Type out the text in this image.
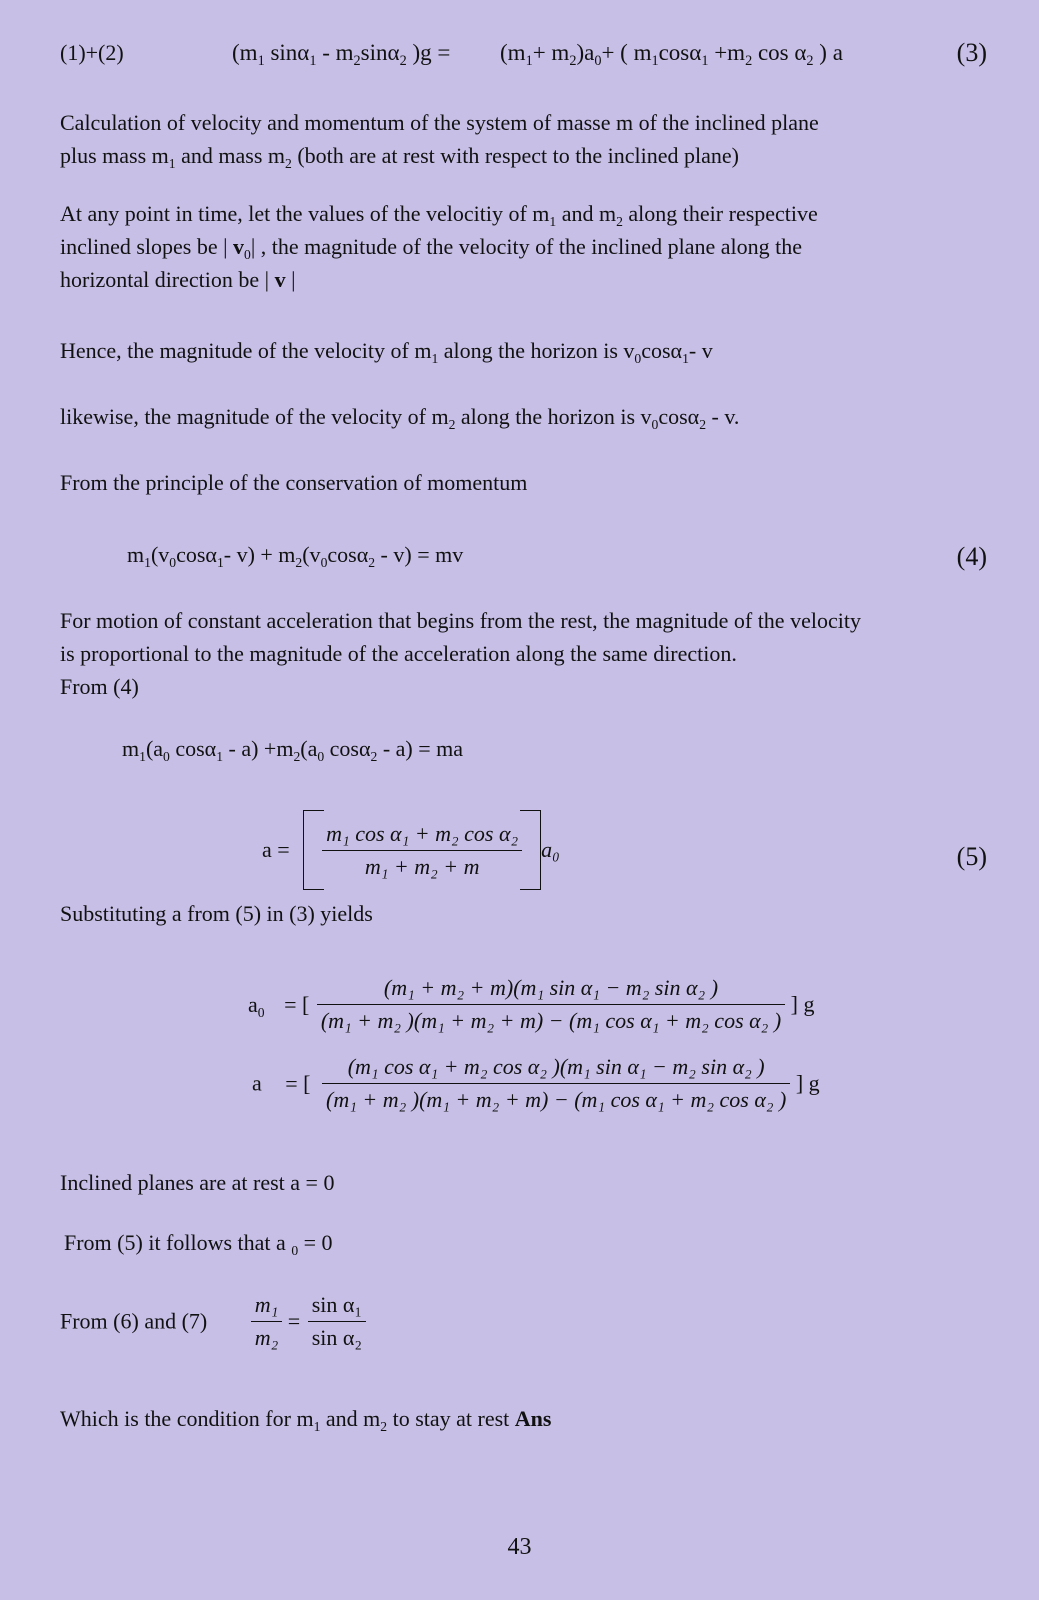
(1)+(2)	($m_1$ $\sin\alpha_1 - m_2\sin\alpha_2$ )$g = (m_1+ m_2)a_0+$ ( $m_1\cos\alpha_1 +m_2$ $\cos \alpha_2$ ) a	(3)

Calculation of velocity and momentum of the system of masse m of the inclined plane

plus mass $m_1$ and mass $m_2$ (both are at rest with respect to the inclined plane)

At any point in time, let the values of the velocitiy of $m_1$ and $m_2$ along their respective

inclined slopes be | $v_0|$ , the magnitude of the velocity of the inclined plane along the

horizontal direction be | v |

Hence, the magnitude of the velocity of $m_1$ along the horizon is $v_0\cos\alpha_1-$ v

likewise, the magnitude of the velocity of $m_2$ along the horizon is $v_0\cos\alpha_2$ - v.

From the principle of the conservation of momentum
$m_1(v_0\cos\alpha_1-$ $v) + m_2(v_0\cos\alpha_2 - v)$ = mv	(4)

For motion of constant acceleration that begins from the rest, the magnitude of the velocity

is proportional to the magnitude of the acceleration along the same direction.

From (4)

$m_1(a_0$ $\cos\alpha_1 - a) +m_2(a_0$ cosα$_2$ - a) = ma
$a = \frac{\text{m₁ cos α₁ + m₂ cos α₂}}{\text{m₁ + m₂ + m}} a_0$	(5)
Substituting a from (5) in (3) yields
$a_0$ = [ $\frac{\text{(m₁ + m₂ + m)(m₁ sin α₁ − m₂ sin α₂ )}}{\text{(m₁ + m₂ )(m₁ + m₂ + m) − (m₁ cos α₁ + m₂ cos α₂ )}}$ ] g
a = [ $\frac{\text{(m₁ cos α₁ + m₂ cos α₂ )(m₁ sin α₁ − m₂ sin α₂ )}}{\text{(m₁ + m₂ )(m₁ + m₂ + m) − (m₁ cos α₁ + m₂ cos α₂ )}}$ ] g
Inclined planes are at rest a = 0

From (5) it follows that a $_0$ = 0

From (6) and $(7) \frac{\text{m₁}}{\text{m₂}} = \frac{\text{sin α₁}}{\text{sin α₂}}$

Which is the condition for $m_1$ and $m_2$ to stay at rest Ans

43
